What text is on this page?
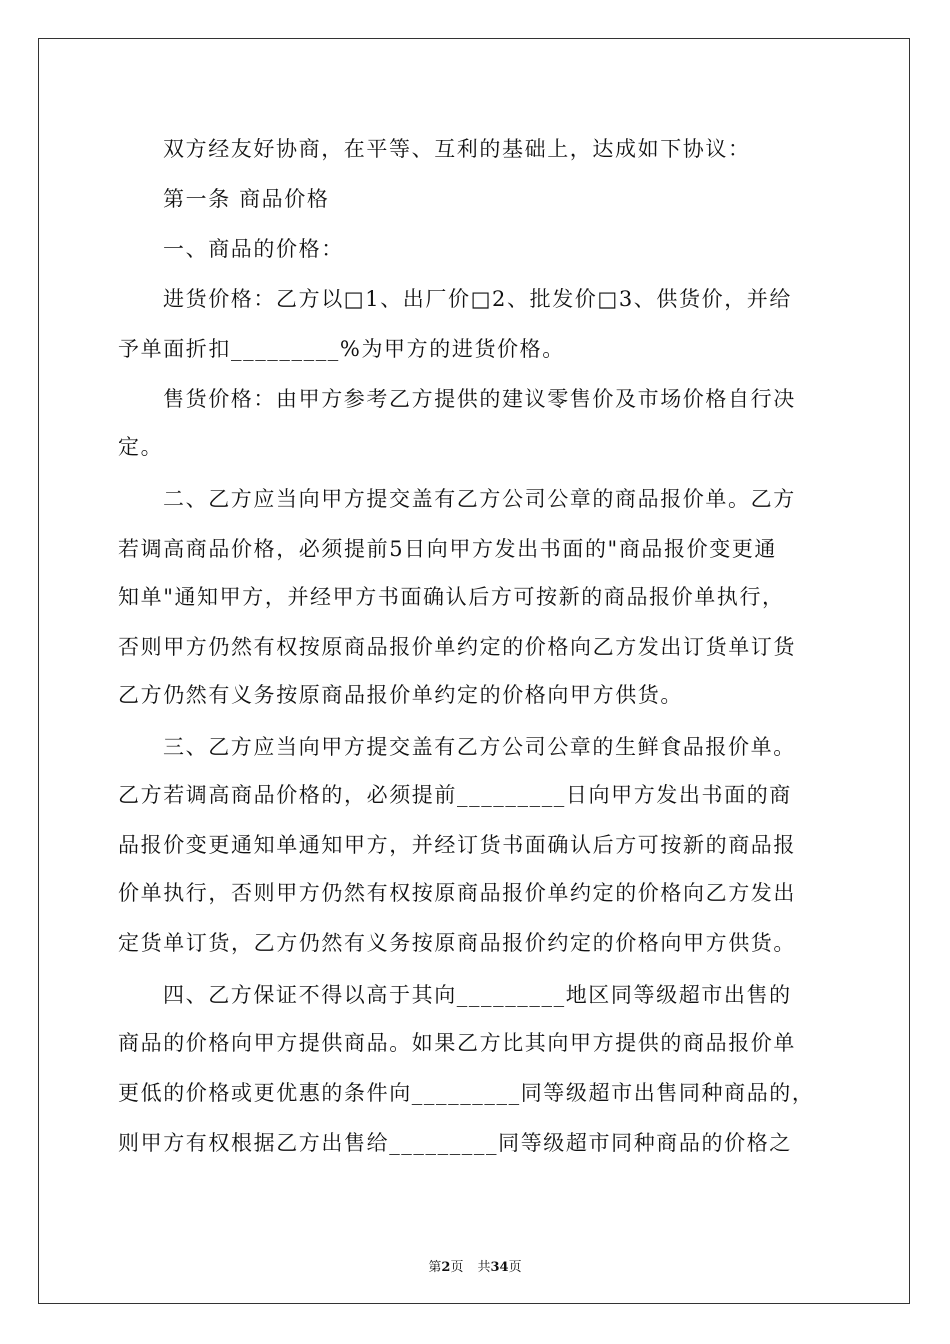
双方经友好协商，在平等、互利的基础上，达成如下协议：
第一条 商品价格
一、商品的价格：
进货价格：乙方以□1、出厂价□2、批发价□3、供货价，并给
予单面折扣_________%为甲方的进货价格。
售货价格：由甲方参考乙方提供的建议零售价及市场价格自行决
定。
二、乙方应当向甲方提交盖有乙方公司公章的商品报价单。乙方
若调高商品价格，必须提前5日向甲方发出书面的"商品报价变更通
知单"通知甲方，并经甲方书面确认后方可按新的商品报价单执行，
否则甲方仍然有权按原商品报价单约定的价格向乙方发出订货单订货
乙方仍然有义务按原商品报价单约定的价格向甲方供货。
三、乙方应当向甲方提交盖有乙方公司公章的生鲜食品报价单。
乙方若调高商品价格的，必须提前_________日向甲方发出书面的商
品报价变更通知单通知甲方，并经订货书面确认后方可按新的商品报
价单执行，否则甲方仍然有权按原商品报价单约定的价格向乙方发出
定货单订货，乙方仍然有义务按原商品报价约定的价格向甲方供货。
四、乙方保证不得以高于其向_________地区同等级超市出售的
商品的价格向甲方提供商品。如果乙方比其向甲方提供的商品报价单
更低的价格或更优惠的条件向_________同等级超市出售同种商品的，
则甲方有权根据乙方出售给_________同等级超市同种商品的价格之
第2页 共34页
